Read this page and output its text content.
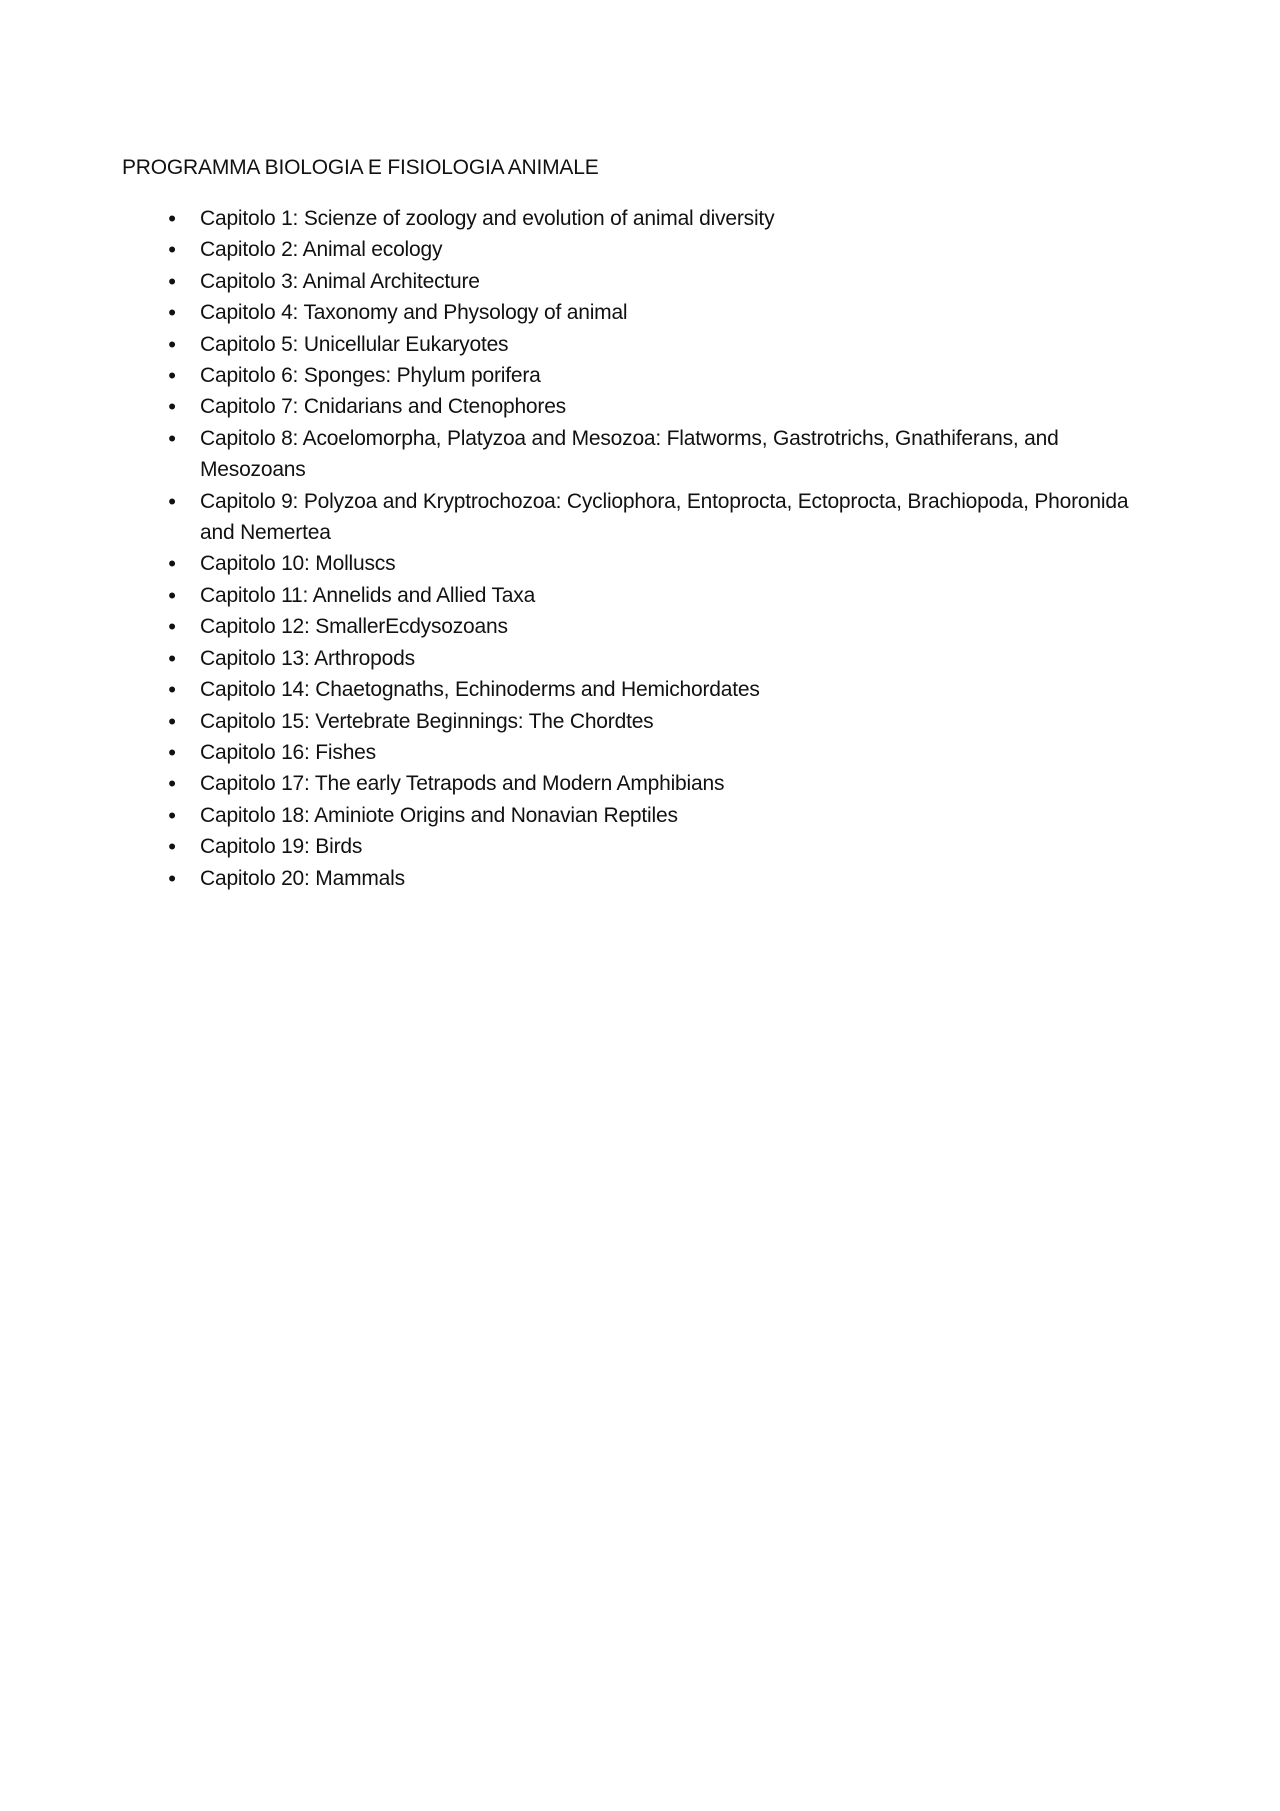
PROGRAMMA BIOLOGIA E FISIOLOGIA ANIMALE
•
Capitolo 1: Scienze of zoology and evolution of animal diversity
•
Capitolo 2: Animal ecology
•
Capitolo 3: Animal Architecture
•
Capitolo 4: Taxonomy and Physology of animal
•
Capitolo 5: Unicellular Eukaryotes
•
Capitolo 6: Sponges: Phylum porifera
•
Capitolo 7: Cnidarians and Ctenophores
•
Capitolo 8: Acoelomorpha, Platyzoa and Mesozoa: Flatworms, Gastrotrichs, Gnathiferans, and Mesozoans
•
Capitolo 9: Polyzoa and Kryptrochozoa: Cycliophora, Entoprocta, Ectoprocta, Brachiopoda, Phoronida and Nemertea
•
Capitolo 10: Molluscs
•
Capitolo 11: Annelids and Allied Taxa
•
Capitolo 12: SmallerEcdysozoans
•
Capitolo 13: Arthropods
•
Capitolo 14: Chaetognaths, Echinoderms and Hemichordates
•
Capitolo 15: Vertebrate Beginnings: The Chordtes
•
Capitolo 16: Fishes
•
Capitolo 17: The early Tetrapods and Modern Amphibians
•
Capitolo 18: Aminiote Origins and Nonavian Reptiles
•
Capitolo 19: Birds
•
Capitolo 20: Mammals
